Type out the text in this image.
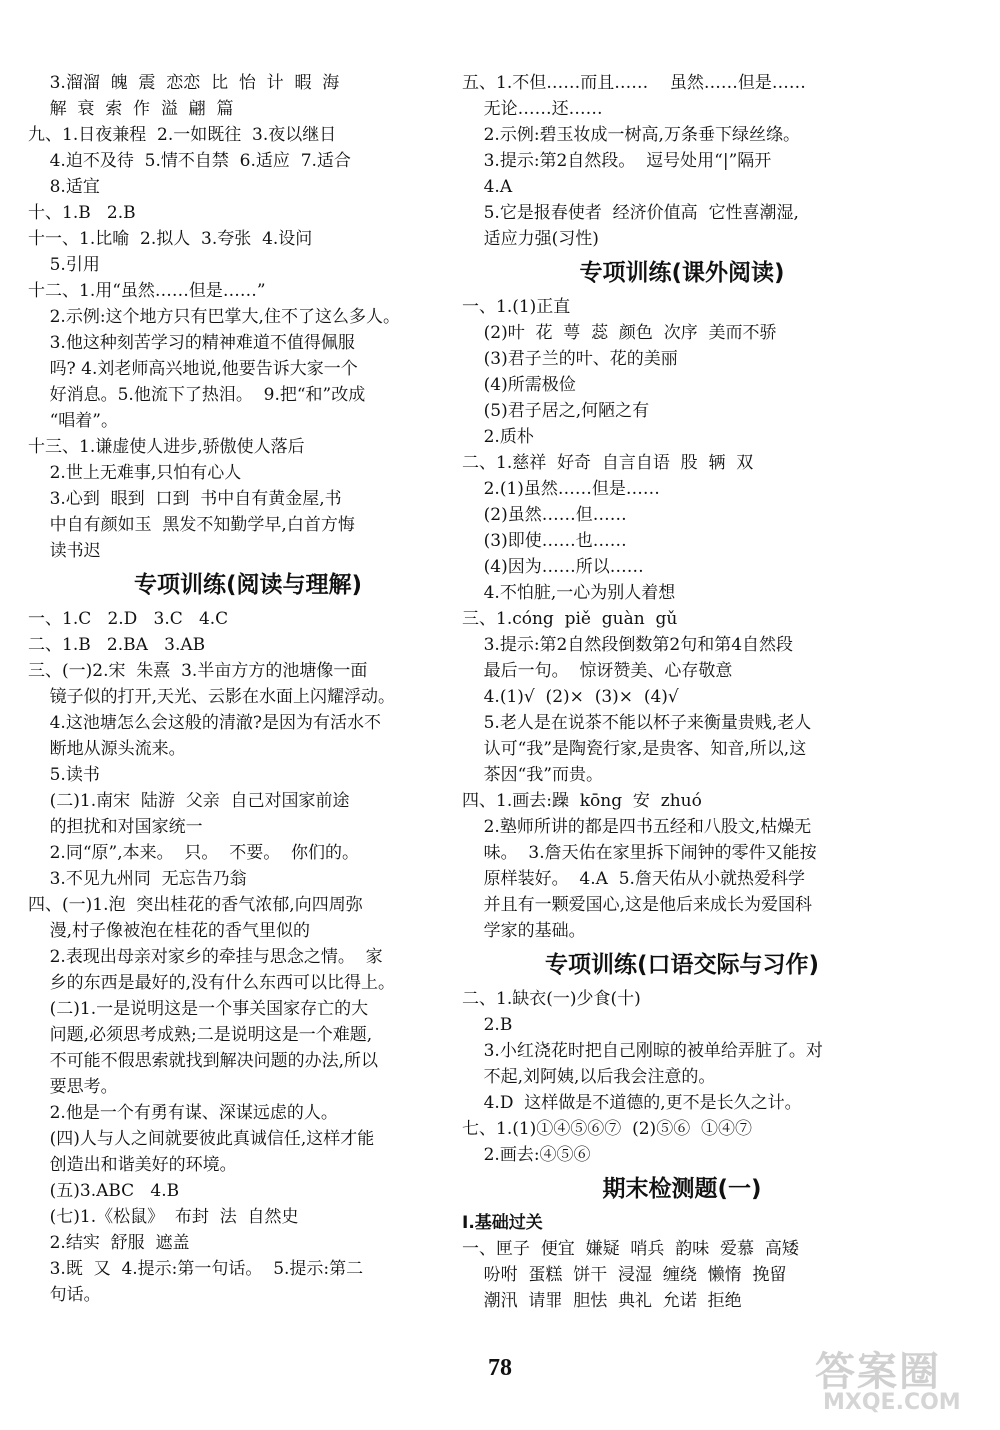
3.溜溜  魄  震  恋恋  比  怡  计  暇  海
解  衰  索  作  溢  翩  篇
九、1.日夜兼程  2.一如既往  3.夜以继日
4.迫不及待  5.情不自禁  6.适应  7.适合
8.适宜
十、1.B   2.B
十一、1.比喻  2.拟人  3.夸张  4.设问
5.引用
十二、1.用“虽然……但是……”
2.示例:这个地方只有巴掌大,住不了这么多人。
3.他这种刻苦学习的精神难道不值得佩服
吗? 4.刘老师高兴地说,他要告诉大家一个
好消息。5.他流下了热泪。  9.把“和”改成
“唱着”。
十三、1.谦虚使人进步,骄傲使人落后
2.世上无难事,只怕有心人
3.心到  眼到  口到  书中自有黄金屋,书
中自有颜如玉  黑发不知勤学早,白首方悔
读书迟
专项训练(阅读与理解)
一、1.C   2.D   3.C   4.C
二、1.B   2.BA   3.AB
三、(一)2.宋  朱熹  3.半亩方方的池塘像一面
镜子似的打开,天光、云影在水面上闪耀浮动。
4.这池塘怎么会这般的清澈?是因为有活水不
断地从源头流来。
5.读书
(二)1.南宋  陆游  父亲  自己对国家前途
的担扰和对国家统一
2.同“原”,本来。  只。  不要。  你们的。
3.不见九州同  无忘告乃翁
四、(一)1.泡  突出桂花的香气浓郁,向四周弥
漫,村子像被泡在桂花的香气里似的
2.表现出母亲对家乡的牵挂与思念之情。  家
乡的东西是最好的,没有什么东西可以比得上。
(二)1.一是说明这是一个事关国家存亡的大
问题,必须思考成熟;二是说明这是一个难题,
不可能不假思索就找到解决问题的办法,所以
要思考。
2.他是一个有勇有谋、深谋远虑的人。
(四)人与人之间就要彼此真诚信任,这样才能
创造出和谐美好的环境。
(五)3.ABC   4.B
(七)1.《松鼠》  布封  法  自然史
2.结实  舒服  遮盖
3.既  又  4.提示:第一句话。  5.提示:第二
句话。
五、1.不但……而且……    虽然……但是……
无论……还……
2.示例:碧玉妆成一树高,万条垂下绿丝绦。
3.提示:第2自然段。  逗号处用“|”隔开
4.A
5.它是报春使者  经济价值高  它性喜潮湿,
适应力强(习性)
专项训练(课外阅读)
一、1.(1)正直
(2)叶  花  萼  蕊  颜色  次序  美而不骄
(3)君子兰的叶、花的美丽
(4)所需极俭
(5)君子居之,何陋之有
2.质朴
二、1.慈祥  好奇  自言自语  股  辆  双
2.(1)虽然……但是……
(2)虽然……但……
(3)即使……也……
(4)因为……所以……
4.不怕脏,一心为别人着想
三、1.cóng  piě  guàn  gǔ
3.提示:第2自然段倒数第2句和第4自然段
最后一句。  惊讶赞美、心存敬意
4.(1)√  (2)×  (3)×  (4)√
5.老人是在说茶不能以杯子来衡量贵贱,老人
认可“我”是陶瓷行家,是贵客、知音,所以,这
茶因“我”而贵。
四、1.画去:躁  kōng  安  zhuó
2.塾师所讲的都是四书五经和八股文,枯燥无
味。  3.詹天佑在家里拆下闹钟的零件又能按
原样装好。  4.A  5.詹天佑从小就热爱科学
并且有一颗爱国心,这是他后来成长为爱国科
学家的基础。
专项训练(口语交际与习作)
二、1.缺衣(一)少食(十)
2.B
3.小红浇花时把自己刚晾的被单给弄脏了。对
不起,刘阿姨,以后我会注意的。
4.D  这样做是不道德的,更不是长久之计。
七、1.(1)①④⑤⑥⑦  (2)⑤⑥  ①④⑦
2.画去:④⑤⑥
期末检测题(一)
Ⅰ.基础过关
一、匣子  便宜  嫌疑  哨兵  韵味  爱慕  高矮
吩咐  蛋糕  饼干  浸湿  缠绕  懒惰  挽留
潮汛  请罪  胆怯  典礼  允诺  拒绝
78	答案圈
MXQE.COM
